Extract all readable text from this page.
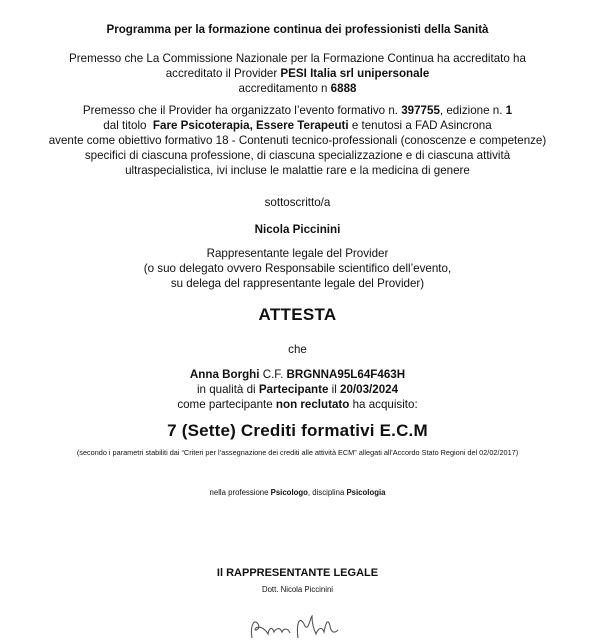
Programma per la formazione continua dei professionisti della Sanità
Premesso che La Commissione Nazionale per la Formazione Continua ha accreditato ha
accreditato il Provider PESI Italia srl unipersonale
accreditamento n 6888
Premesso che il Provider ha organizzato l’evento formativo n. 397755, edizione n. 1
dal titolo  Fare Psicoterapia, Essere Terapeuti e tenutosi a FAD Asincrona
avente come obiettivo formativo 18 - Contenuti tecnico-professionali (conoscenze e competenze)
specifici di ciascuna professione, di ciascuna specializzazione e di ciascuna attività
ultraspecialistica, ivi incluse le malattie rare e la medicina di genere
sottoscritto/a
Nicola Piccinini
Rappresentante legale del Provider
(o suo delegato ovvero Responsabile scientifico dell’evento,
su delega del rappresentante legale del Provider)
ATTESTA
che
Anna Borghi C.F. BRGNNA95L64F463H
in qualità di Partecipante il 20/03/2024
come partecipante non reclutato ha acquisito:
7 (Sette) Crediti formativi E.C.M
(secondo i parametri stabiliti dai “Criteri per l’assegnazione dei crediti alle attività ECM” allegati all’Accordo Stato Regioni del 02/02/2017)
nella professione Psicologo, disciplina Psicologia
Il RAPPRESENTANTE LEGALE
Dott. Nicola Piccinini
